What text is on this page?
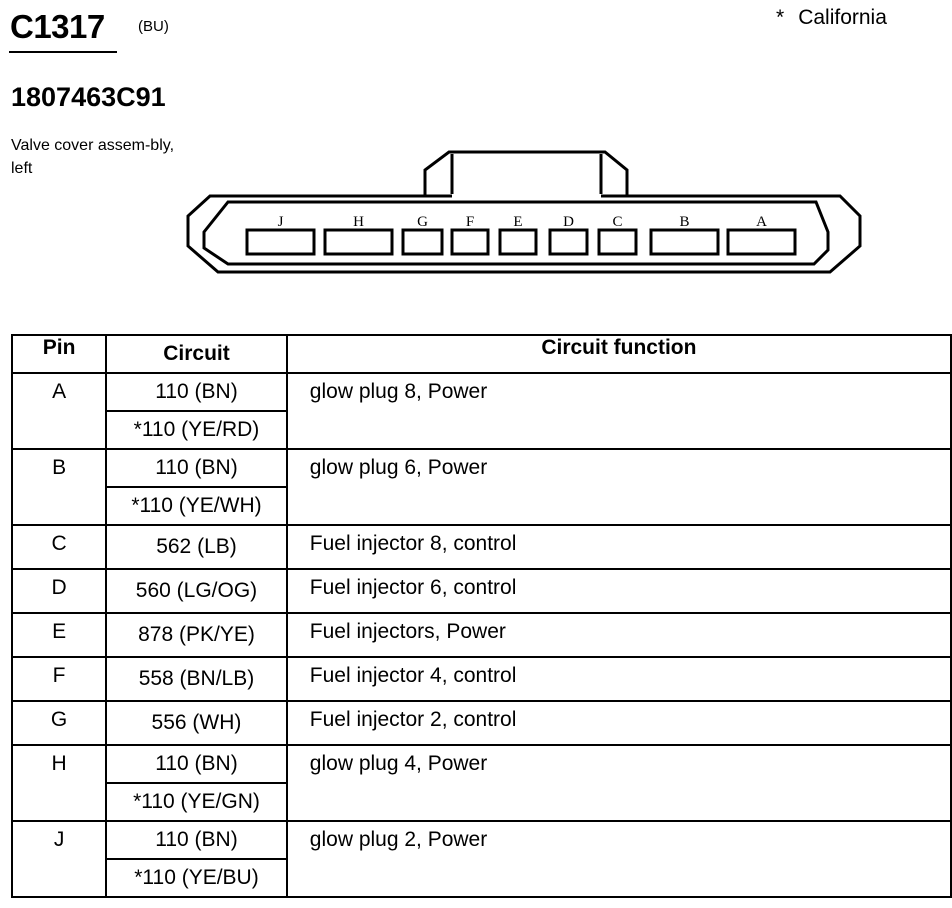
C1317 (BU)	* California
1807463C91
Valve cover assem-bly, left
J	H	G	F	E	D	C	B	A
Pin	Circuit	Circuit function
A	110 (BN)	glow plug 8, Power
	*110 (YE/RD)	
B	110 (BN)	glow plug 6, Power
	*110 (YE/WH)	
C	562 (LB)	Fuel injector 8, control
D	560 (LG/OG)	Fuel injector 6, control
E	878 (PK/YE)	Fuel injectors, Power
F	558 (BN/LB)	Fuel injector 4, control
G	556 (WH)	Fuel injector 2, control
H	110 (BN)	glow plug 4, Power
	*110 (YE/GN)	
J	110 (BN)	glow plug 2, Power
	*110 (YE/BU)	
